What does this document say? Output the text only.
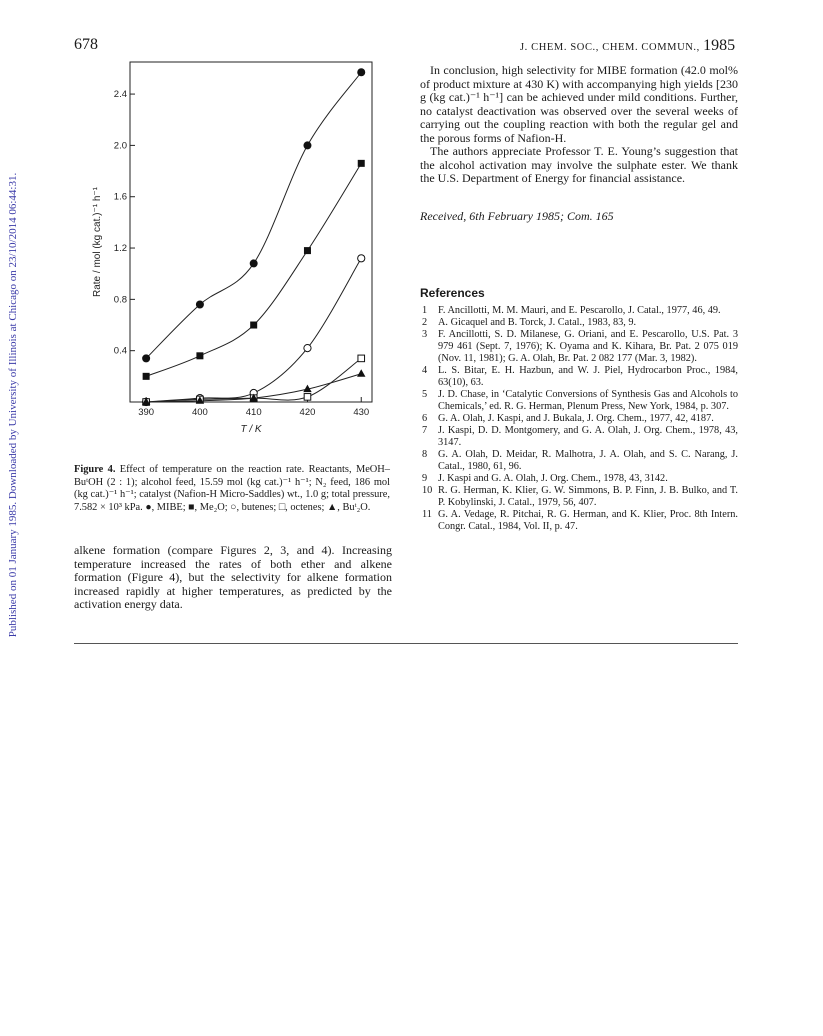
678	J. CHEM. SOC., CHEM. COMMUN., 1985
Published on 01 January 1985. Downloaded by University of Illinois at Chicago on 23/10/2014 06:44:31.	390	400	410	420	430
0.4
0.8
1.2
1.6
2.0
2.4
T / K
Rate / mol (kg cat.)⁻¹ h⁻¹
Figure 4. Effect of temperature on the reaction rate. Reactants, MeOH–BuᵗOH (2 : 1); alcohol feed, 15.59 mol (kg cat.)⁻¹ h⁻¹; N₂ feed, 186 mol (kg cat.)⁻¹ h⁻¹; catalyst (Nafion-H Micro-Saddles) wt., 1.0 g; total pressure, 7.582 × 10³ kPa. ●, MIBE; ■, Me₂O; ○, butenes; □, octenes; ▲, Buᵗ₂O.
alkene formation (compare Figures 2, 3, and 4). Increasing temperature increased the rates of both ether and alkene formation (Figure 4), but the selectivity for alkene formation increased rapidly at higher temperatures, as predicted by the activation energy data.

In conclusion, high selectivity for MIBE formation (42.0 mol% of product mixture at 430 K) with accompanying high yields [230 g (kg cat.)⁻¹ h⁻¹] can be achieved under mild conditions. Further, no catalyst deactivation was observed over the several weeks of carrying out the coupling reaction with both the regular gel and the porous forms of Nafion-H.

The authors appreciate Professor T. E. Young’s suggestion that the alcohol activation may involve the sulphate ester. We thank the U.S. Department of Energy for financial assistance.

Received, 6th February 1985; Com. 165
References
1	F. Ancillotti, M. M. Mauri, and E. Pescarollo, J. Catal., 1977, 46, 49.
2	A. Gicaquel and B. Torck, J. Catal., 1983, 83, 9.
3	F. Ancillotti, S. D. Milanese, G. Oriani, and E. Pescarollo, U.S. Pat. 3 979 461 (Sept. 7, 1976); K. Oyama and K. Kihara, Br. Pat. 2 075 019 (Nov. 11, 1981); G. A. Olah, Br. Pat. 2 082 177 (Mar. 3, 1982).
4	L. S. Bitar, E. H. Hazbun, and W. J. Piel, Hydrocarbon Proc., 1984, 63(10), 63.
5	J. D. Chase, in ‘Catalytic Conversions of Synthesis Gas and Alcohols to Chemicals,’ ed. R. G. Herman, Plenum Press, New York, 1984, p. 307.
6	G. A. Olah, J. Kaspi, and J. Bukala, J. Org. Chem., 1977, 42, 4187.
7	J. Kaspi, D. D. Montgomery, and G. A. Olah, J. Org. Chem., 1978, 43, 3147.
8	G. A. Olah, D. Meidar, R. Malhotra, J. A. Olah, and S. C. Narang, J. Catal., 1980, 61, 96.
9	J. Kaspi and G. A. Olah, J. Org. Chem., 1978, 43, 3142.
10 R. G. Herman, K. Klier, G. W. Simmons, B. P. Finn, J. B. Bulko, and T. P. Kobylinski, J. Catal., 1979, 56, 407.
11 G. A. Vedage, R. Pitchai, R. G. Herman, and K. Klier, Proc. 8th Intern. Congr. Catal., 1984, Vol. II, p. 47.
